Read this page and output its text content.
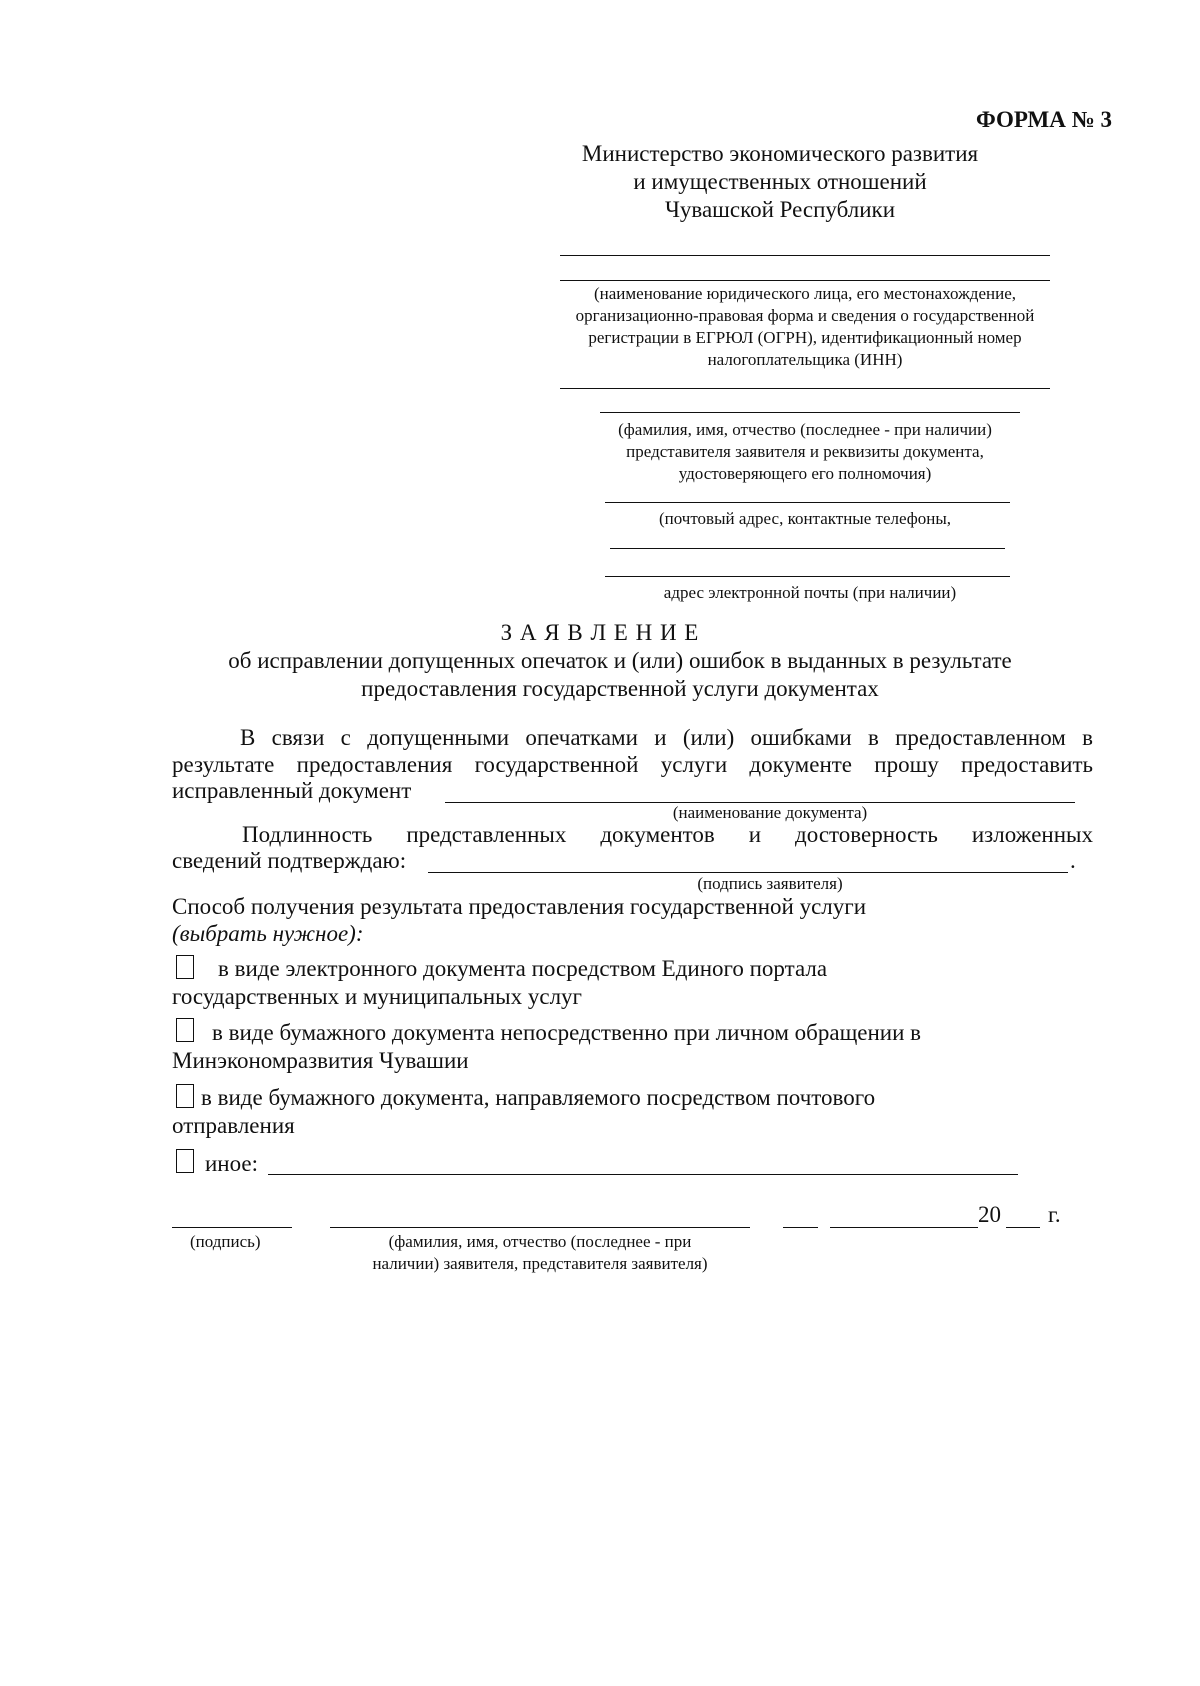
ФОРМА № 3
Министерство экономического развития
и имущественных отношений
Чувашской Республики
(наименование юридического лица, его местонахождение,
организационно-правовая форма и сведения о государственной
регистрации в ЕГРЮЛ (ОГРН), идентификационный номер
налогоплательщика (ИНН)
(фамилия, имя, отчество (последнее - при наличии)
представителя заявителя и реквизиты документа,
удостоверяющего его полномочия)
(почтовый адрес, контактные телефоны,
адрес электронной почты (при наличии)
З А Я В Л Е Н И Е
об исправлении допущенных опечаток и (или) ошибок в выданных в результате
предоставления государственной услуги документах
В связи с допущенными опечатками и (или) ошибками в предоставленном в
результате предоставления государственной услуги документе прошу предоставить
исправленный документ
(наименование документа)
Подлинность представленных документов и достоверность изложенных
сведений подтверждаю:	.
(подпись заявителя)
Способ получения результата предоставления государственной услуги
(выбрать нужное):
в виде электронного документа посредством Единого портала
государственных и муниципальных услуг
в виде бумажного документа непосредственно при личном обращении в
Минэкономразвития Чувашии
в виде бумажного документа, направляемого посредством почтового
отправления
иное:
20 г.
(подпись)	(фамилия, имя, отчество (последнее - при
наличии) заявителя, представителя заявителя)
